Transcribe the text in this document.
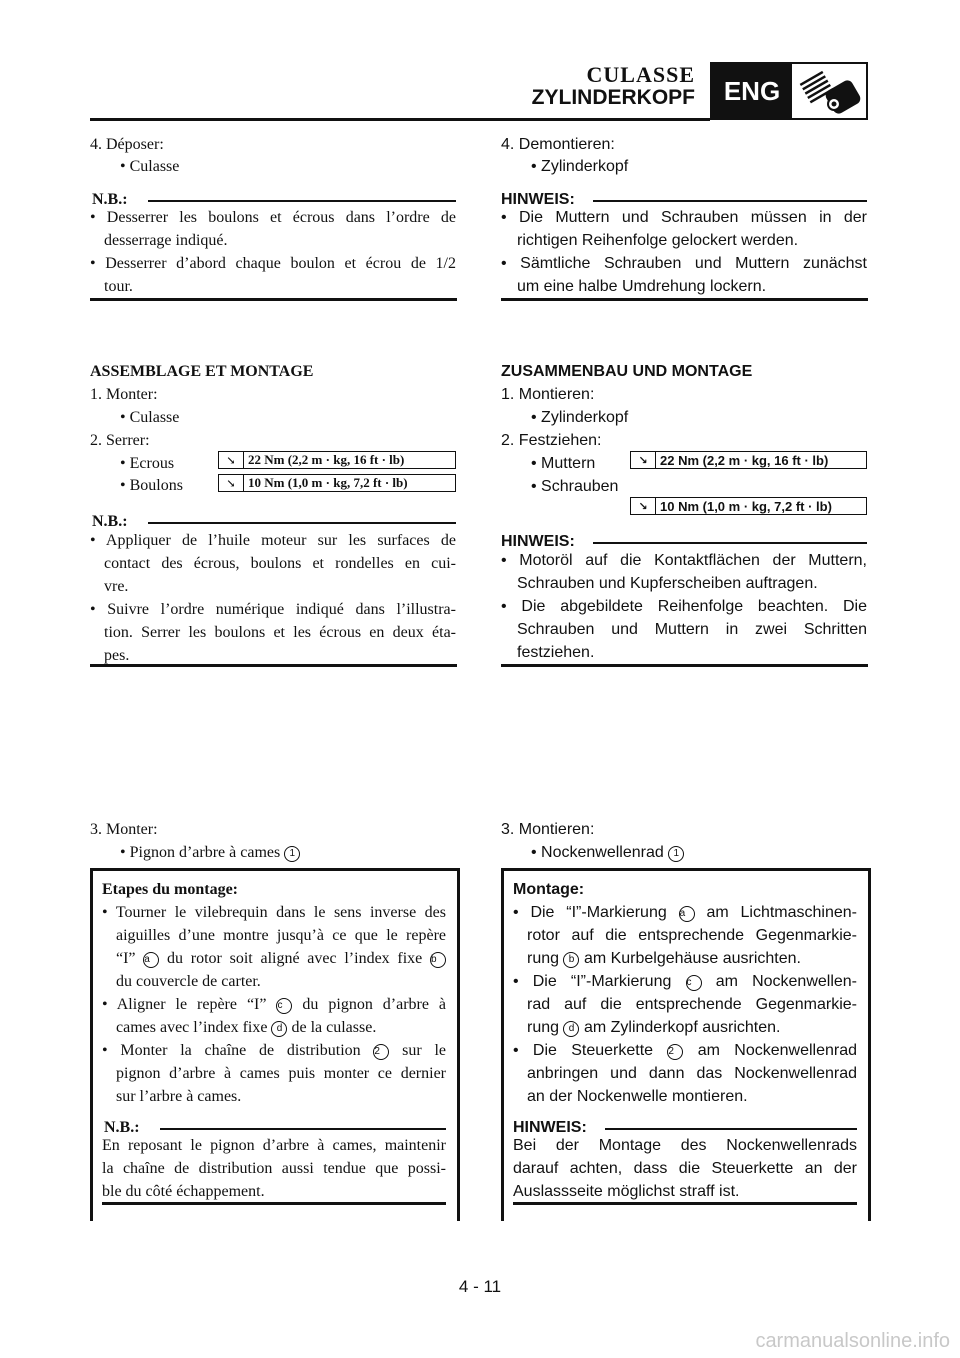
CULASSE
ZYLINDERKOPF	ENG
4. Déposer:
• Culasse
N.B.:
• Desserrer les boulons et écrous dans l’ordre de
desserrage indiqué.
• Desserrer d’abord chaque boulon et écrou de 1/2
tour.
ASSEMBLAGE ET MONTAGE
1. Monter:
• Culasse
2. Serrer:
• Ecrous
• Boulons
↘ 22 Nm (2,2 m · kg, 16 ft · lb)
↘ 10 Nm (1,0 m · kg, 7,2 ft · lb)
N.B.:
• Appliquer de l’huile moteur sur les surfaces de
contact des écrous, boulons et rondelles en cui-
vre.
• Suivre l’ordre numérique indiqué dans l’illustra-
tion. Serrer les boulons et les écrous en deux éta-
pes.
3. Monter:
• Pignon d’arbre à cames 1
Etapes du montage:
• Tourner le vilebrequin dans le sens inverse des
aiguilles d’une montre jusqu’à ce que le repère
“I” a du rotor soit aligné avec l’index fixe b
du couvercle de carter.
• Aligner le repère “I” c du pignon d’arbre à
cames avec l’index fixe d de la culasse.
• Monter la chaîne de distribution 2 sur le
pignon d’arbre à cames puis monter ce dernier
sur l’arbre à cames.
N.B.:
En reposant le pignon d’arbre à cames, maintenir
la chaîne de distribution aussi tendue que possi-
ble du côté échappement.
4. Demontieren:
• Zylinderkopf
HINWEIS:
• Die Muttern und Schrauben müssen in der
richtigen Reihenfolge gelockert werden.
• Sämtliche Schrauben und Muttern zunächst
um eine halbe Umdrehung lockern.
ZUSAMMENBAU UND MONTAGE
1. Montieren:
• Zylinderkopf
2. Festziehen:
• Muttern
• Schrauben
↘ 22 Nm (2,2 m · kg, 16 ft · lb)
↘ 10 Nm (1,0 m · kg, 7,2 ft · lb)
HINWEIS:
• Motoröl auf die Kontaktflächen der Muttern,
Schrauben und Kupferscheiben auftragen.
• Die abgebildete Reihenfolge beachten. Die
Schrauben und Muttern in zwei Schritten
festziehen.
3. Montieren:
• Nockenwellenrad 1
Montage:
• Die “I”-Markierung a am Lichtmaschinen-
rotor auf die entsprechende Gegenmarkie-
rung b am Kurbelgehäuse ausrichten.
• Die “I”-Markierung c am Nockenwellen-
rad auf die entsprechende Gegenmarkie-
rung d am Zylinderkopf ausrichten.
• Die Steuerkette 2 am Nockenwellenrad
anbringen und dann das Nockenwellenrad
an der Nockenwelle montieren.
HINWEIS:
Bei der Montage des Nockenwellenrads
darauf achten, dass die Steuerkette an der
Auslassseite möglichst straff ist.
4 - 11
carmanualsonline.info
